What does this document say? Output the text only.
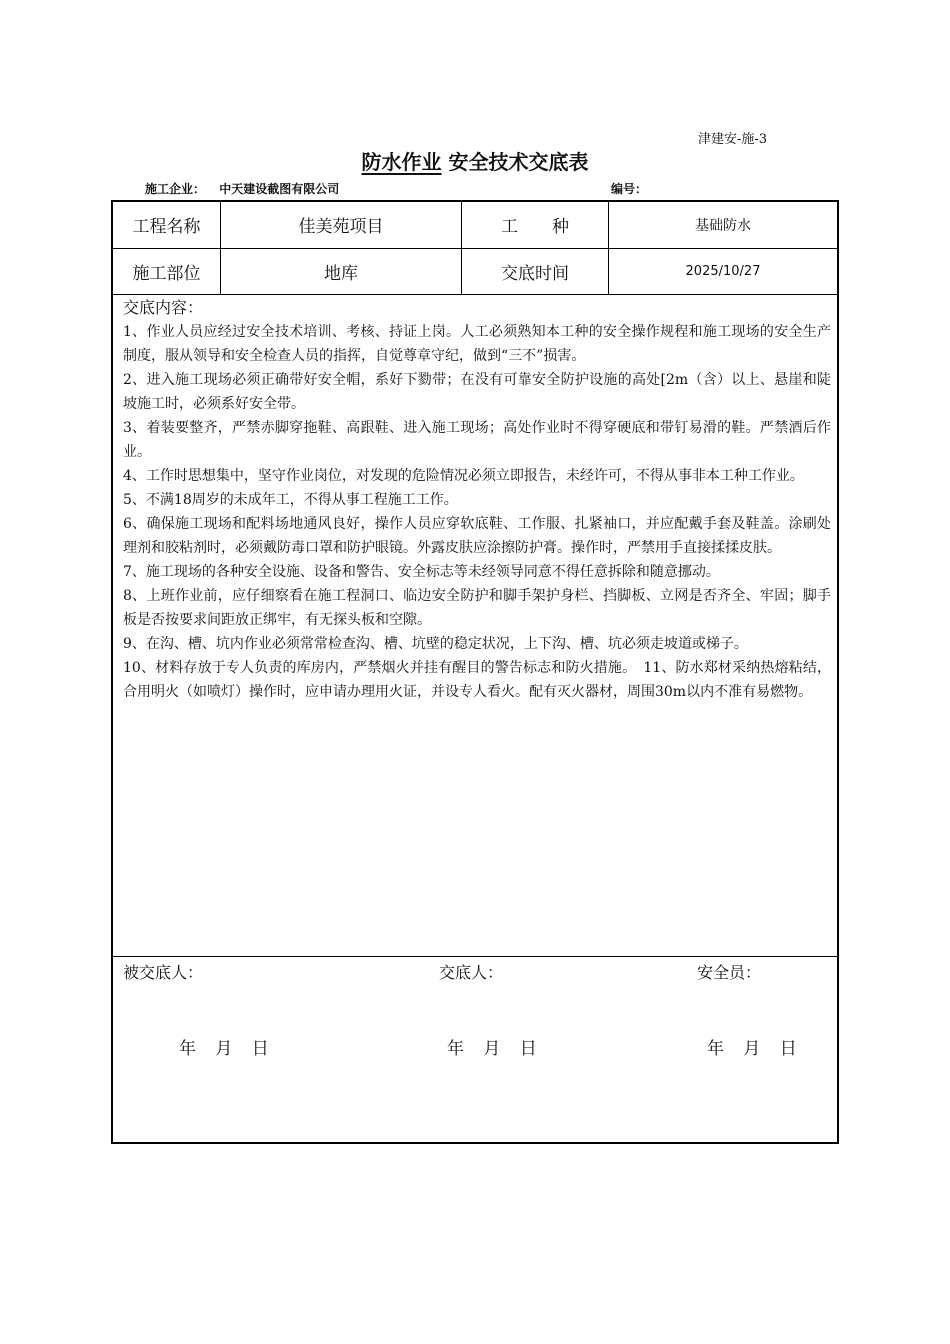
津建安-施-3
防水作业 安全技术交底表
施工企业： 中天建设截图有限公司	编号：
工程名称	佳美苑项目	工　　种	基础防水
施工部位	地库	交底时间	2025/10/27

交底内容：

1、作业人员应经过安全技术培训、考核、持证上岗。人工必须熟知本工种的安全操作规程和施工现场的安全生产制度，服从领导和安全检查人员的指挥，自觉尊章守纪，做到“三不”损害。

2、进入施工现场必须正确带好安全帽，系好下勠带；在没有可靠安全防护设施的高处[2m（含）以上、悬崖和陡坡施工时，必须系好安全带。

3、着装要整齐，严禁赤脚穿拖鞋、高跟鞋、进入施工现场；高处作业时不得穿硬底和带钉易滑的鞋。严禁酒后作业。

4、工作时思想集中，坚守作业岗位，对发现的危险情况必须立即报告，未经许可，不得从事非本工种工作业。

5、不满18周岁的未成年工，不得从事工程施工工作。

6、确保施工现场和配料场地通风良好，操作人员应穿软底鞋、工作服、扎紧袖口，并应配戴手套及鞋盖。涂刷处理剂和胶粘剂时，必须戴防毒口罩和防护眼镜。外露皮肤应涂擦防护膏。操作时，严禁用手直接揉揉皮肤。

7、施工现场的各种安全设施、设备和警告、安全标志等未经领导同意不得任意拆除和随意挪动。

8、上班作业前，应仔细察看在施工程洞口、临边安全防护和脚手架护身栏、挡脚板、立网是否齐全、牢固；脚手板是否按要求间距放正绑牢，有无探头板和空隙。

9、在沟、槽、坑内作业必须常常检查沟、槽、坑壁的稳定状况，上下沟、槽、坑必须走坡道或梯子。

10、材料存放于专人负责的库房内，严禁烟火并挂有醒目的警告标志和防火措施。　11、防水郑材采纳热熔粘结，合用明火（如喷灯）操作时，应申请办理用火证，并设专人看火。配有灭火器材，周围30m以内不准有易燃物。

被交底人：	交底人：	安全员：
年 月 日	年 月 日	年 月 日
